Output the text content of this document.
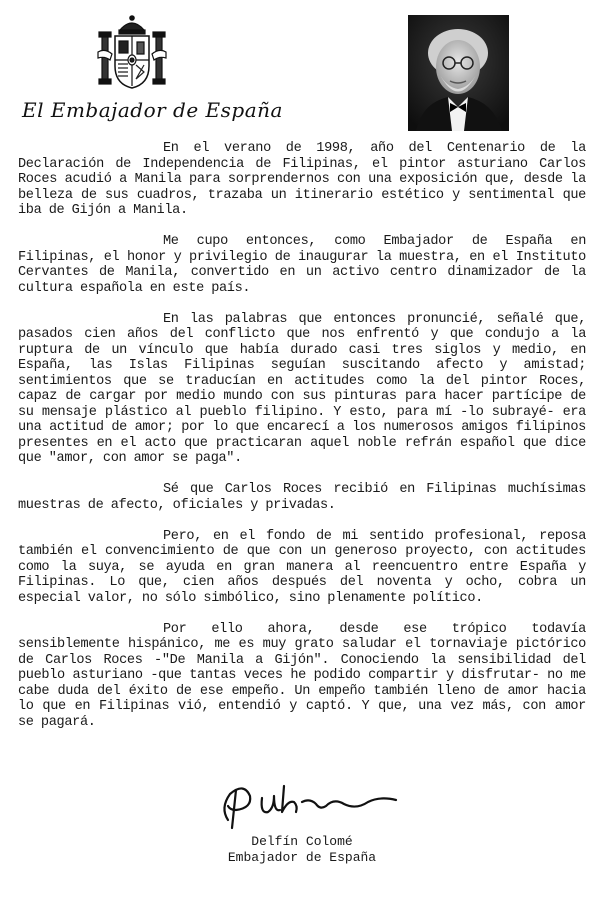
El Embajador de España

En el verano de 1998, año del Centenario de la Declaración de Independencia de Filipinas, el pintor asturiano Carlos Roces acudió a Manila para sorprendernos con una exposición que, desde la belleza de sus cuadros, trazaba un itinerario estético y sentimental que iba de Gijón a Manila.

Me cupo entonces, como Embajador de España en Filipinas, el honor y privilegio de inaugurar la muestra, en el Instituto Cervantes de Manila, convertido en un activo centro dinamizador de la cultura española en este país.

En las palabras que entonces pronuncié, señalé que, pasados cien años del conflicto que nos enfrentó y que condujo a la ruptura de un vínculo que había durado casi tres siglos y medio, en España, las Islas Filipinas seguían suscitando afecto y amistad; sentimientos que se traducían en actitudes como la del pintor Roces, capaz de cargar por medio mundo con sus pinturas para hacer partícipe de su mensaje plástico al pueblo filipino. Y esto, para mí -lo subrayé- era una actitud de amor; por lo que encarecí a los numerosos amigos filipinos presentes en el acto que practicaran aquel noble refrán español que dice que "amor, con amor se paga".

Sé que Carlos Roces recibió en Filipinas muchísimas muestras de afecto, oficiales y privadas.

Pero, en el fondo de mi sentido profesional, reposa también el convencimiento de que con un generoso proyecto, con actitudes como la suya, se ayuda en gran manera al reencuentro entre España y Filipinas. Lo que, cien años después del noventa y ocho, cobra un especial valor, no sólo simbólico, sino plenamente político.

Por ello ahora, desde ese trópico todavía sensiblemente hispánico, me es muy grato saludar el tornaviaje pictórico de Carlos Roces -"De Manila a Gijón". Conociendo la sensibilidad del pueblo asturiano -que tantas veces he podido compartir y disfrutar- no me cabe duda del éxito de ese empeño. Un empeño también lleno de amor hacia lo que en Filipinas vió, entendió y captó. Y que, una vez más, con amor se pagará.

Delfín Colomé
Embajador de España
